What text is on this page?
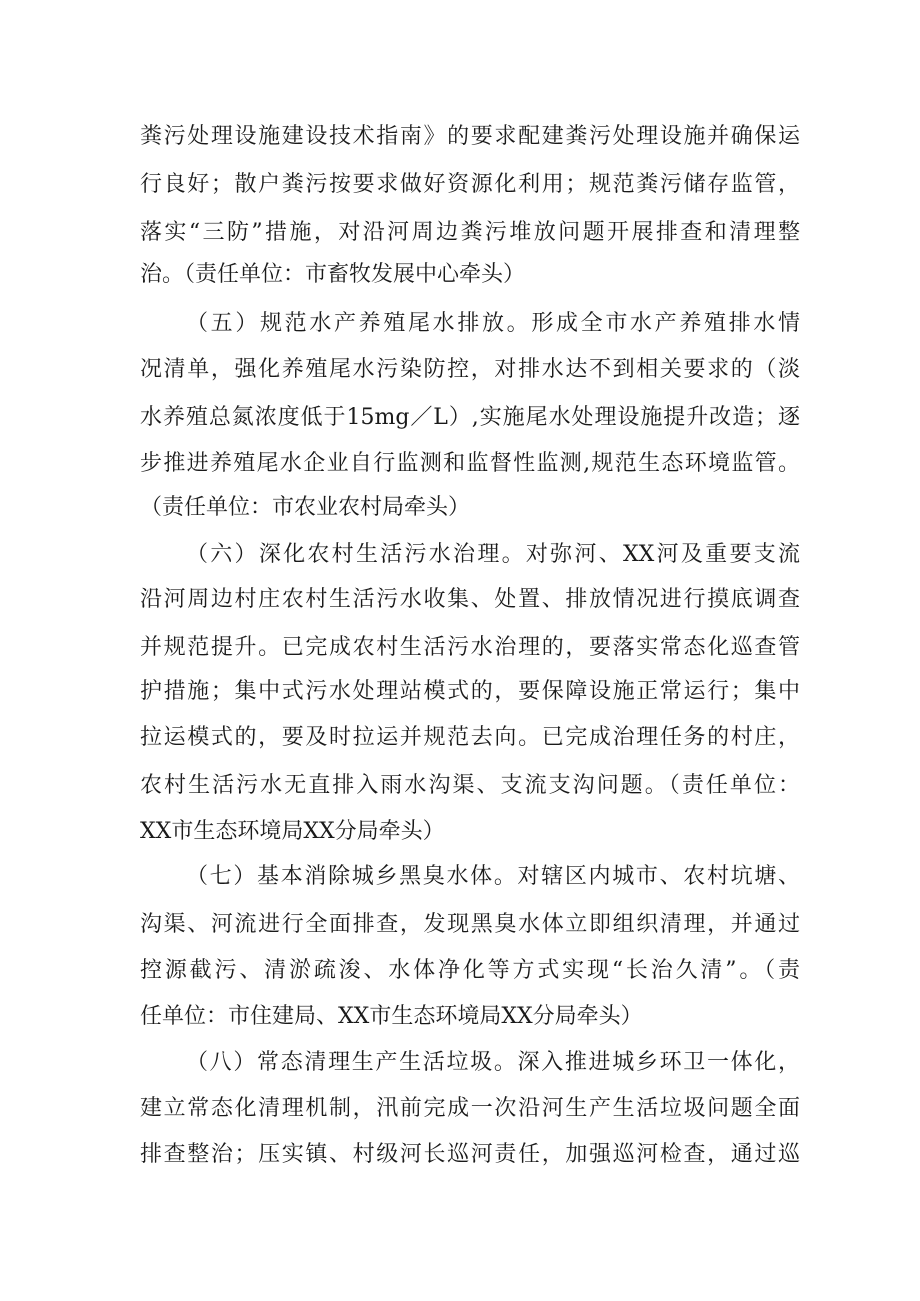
粪污处理设施建设技术指南》的要求配建粪污处理设施并确保运
行良好；散户粪污按要求做好资源化利用；规范粪污储存监管，
落实“三防”措施，对沿河周边粪污堆放问题开展排查和清理整
治。（责任单位：市畜牧发展中心牵头）
（五）规范水产养殖尾水排放。形成全市水产养殖排水情
况清单，强化养殖尾水污染防控，对排水达不到相关要求的（淡
水养殖总氮浓度低于15mg／L）,实施尾水处理设施提升改造；逐
步推进养殖尾水企业自行监测和监督性监测,规范生态环境监管。
（责任单位：市农业农村局牵头）
（六）深化农村生活污水治理。对弥河、XX河及重要支流
沿河周边村庄农村生活污水收集、处置、排放情况进行摸底调查
并规范提升。已完成农村生活污水治理的，要落实常态化巡查管
护措施；集中式污水处理站模式的，要保障设施正常运行；集中
拉运模式的，要及时拉运并规范去向。已完成治理任务的村庄，
农村生活污水无直排入雨水沟渠、支流支沟问题。（责任单位：
XX市生态环境局XX分局牵头）
（七）基本消除城乡黑臭水体。对辖区内城市、农村坑塘、
沟渠、河流进行全面排查，发现黑臭水体立即组织清理，并通过
控源截污、清淤疏浚、水体净化等方式实现“长治久清”。（责
任单位：市住建局、XX市生态环境局XX分局牵头）
（八）常态清理生产生活垃圾。深入推进城乡环卫一体化，
建立常态化清理机制，汛前完成一次沿河生产生活垃圾问题全面
排查整治；压实镇、村级河长巡河责任，加强巡河检查，通过巡
